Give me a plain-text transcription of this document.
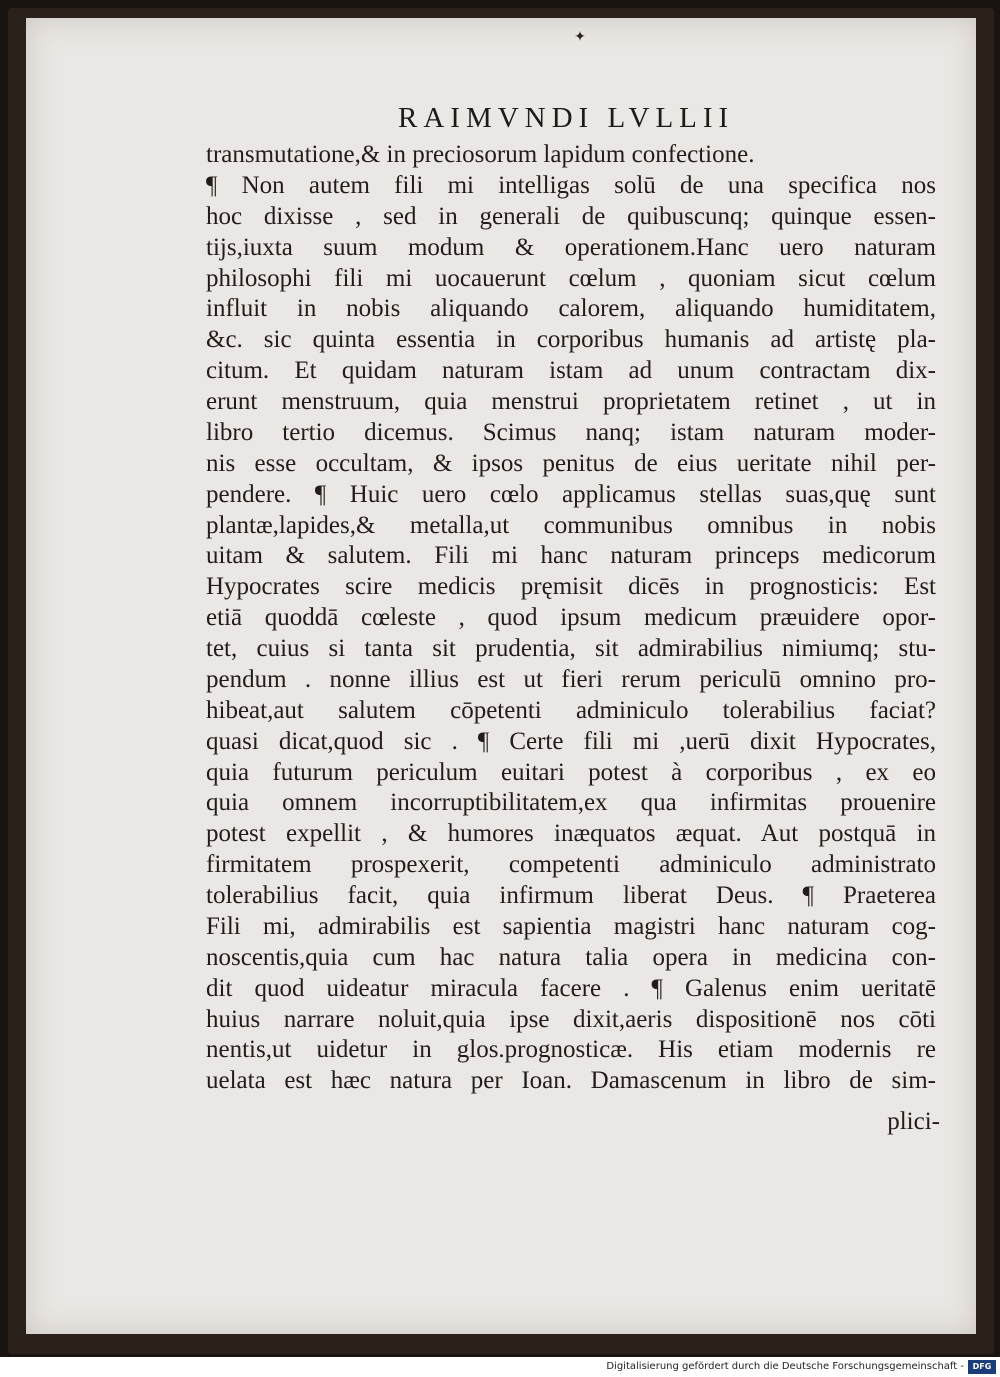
✦
RAIMVNDI LVLLII
transmutatione,& in preciosorum lapidum confectione.
¶ Non autem fili mi intelligas solū de una specifica nos
hoc dixisse , sed in generali de quibuscunq; quinque essen-
tijs,iuxta suum modum & operationem.Hanc uero naturam
philosophi fili mi uocauerunt cœlum , quoniam sicut cœlum
influit in nobis aliquando calorem, aliquando humiditatem,
&c. sic quinta essentia in corporibus humanis ad artistę pla-
citum. Et quidam naturam istam ad unum contractam dix-
erunt menstruum, quia menstrui proprietatem retinet , ut in
libro tertio dicemus. Scimus nanq; istam naturam moder-
nis esse occultam, & ipsos penitus de eius ueritate nihil per-
pendere. ¶ Huic uero cœlo applicamus stellas suas,quę sunt
plantæ,lapides,& metalla,ut communibus omnibus in nobis
uitam & salutem. Fili mi hanc naturam princeps medicorum
Hypocrates scire medicis pręmisit dicēs in prognosticis: Est
etiā quoddā cœleste , quod ipsum medicum præuidere opor-
tet, cuius si tanta sit prudentia, sit admirabilius nimiumq; stu-
pendum . nonne illius est ut fieri rerum periculū omnino pro-
hibeat,aut salutem cōpetenti adminiculo tolerabilius faciat?
quasi dicat,quod sic . ¶ Certe fili mi ,uerū dixit Hypocrates,
quia futurum periculum euitari potest à corporibus , ex eo
quia omnem incorruptibilitatem,ex qua infirmitas prouenire
potest expellit , & humores inæquatos æquat. Aut postquā in
firmitatem prospexerit, competenti adminiculo administrato
tolerabilius facit, quia infirmum liberat Deus. ¶ Praeterea
Fili mi, admirabilis est sapientia magistri hanc naturam cog-
noscentis,quia cum hac natura talia opera in medicina con-
dit quod uideatur miracula facere . ¶ Galenus enim ueritatē
huius narrare noluit,quia ipse dixit,aeris dispositionē nos cōti
nentis,ut uidetur in glos.prognosticæ. His etiam modernis re
uelata est hæc natura per Ioan. Damascenum in libro de sim-
plici-
Digitalisierung gefördert durch die Deutsche Forschungsgemeinschaft -	DFG
